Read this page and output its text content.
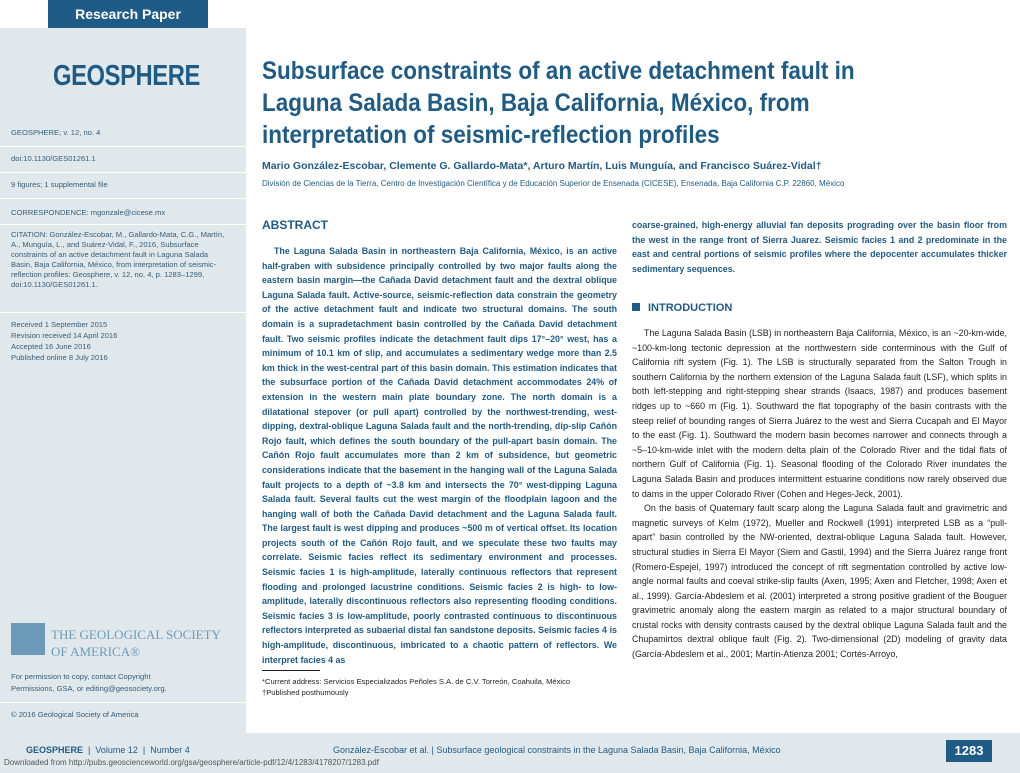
Research Paper
GEOSPHERE
GEOSPHERE; v. 12, no. 4
doi:10.1130/GES01261.1
9 figures; 1 supplemental file
CORRESPONDENCE: mgonzale@cicese.mx
CITATION: González-Escobar, M., Gallardo-Mata, C.G., Martín, A., Munguía, L., and Suárez-Vidal, F., 2016, Subsurface constraints of an active detachment fault in Laguna Salada Basin, Baja California, México, from interpretation of seismic-reflection profiles: Geosphere, v. 12, no. 4, p. 1283–1299, doi:10.1130/GES01261.1.
Received 1 September 2015
Revision received 14 April 2016
Accepted 16 June 2016
Published online 8 July 2016
THE GEOLOGICAL SOCIETY
OF AMERICA®
For permission to copy, contact Copyright
Permissions, GSA, or editing@geosociety.org.
© 2016 Geological Society of America
Subsurface constraints of an active detachment fault in Laguna Salada Basin, Baja California, México, from interpretation of seismic-reflection profiles
Mario González-Escobar, Clemente G. Gallardo-Mata*, Arturo Martín, Luis Munguía, and Francisco Suárez-Vidal†
División de Ciencias de la Tierra, Centro de Investigación Científica y de Educación Superior de Ensenada (CICESE), Ensenada, Baja California C.P. 22860, México
ABSTRACT

The Laguna Salada Basin in northeastern Baja California, México, is an active half-graben with subsidence principally controlled by two major faults along the eastern basin margin—the Cañada David detachment fault and the dextral oblique Laguna Salada fault. Active-source, seismic-reflection data constrain the geometry of the active detachment fault and indicate two structural domains. The south domain is a supradetachment basin controlled by the Cañada David detachment fault. Two seismic profiles indicate the detachment fault dips 17°–20° west, has a minimum of 10.1 km of slip, and accumulates a sedimentary wedge more than 2.5 km thick in the west-central part of this basin domain. This estimation indicates that the subsurface portion of the Cañada David detachment accommodates 24% of extension in the western main plate boundary zone. The north domain is a dilatational stepover (or pull apart) controlled by the northwest-trending, west-dipping, dextral-oblique Laguna Salada fault and the north-trending, dip-slip Cañón Rojo fault, which defines the south boundary of the pull-apart basin domain. The Cañón Rojo fault accumulates more than 2 km of subsidence, but geometric considerations indicate that the basement in the hanging wall of the Laguna Salada fault projects to a depth of ~3.8 km and intersects the 70° west-dipping Laguna Salada fault. Several faults cut the west margin of the floodplain lagoon and the hanging wall of both the Cañada David detachment and the Laguna Salada fault. The largest fault is west dipping and produces ~500 m of vertical offset. Its location projects south of the Cañón Rojo fault, and we speculate these two faults may correlate. Seismic facies reflect its sedimentary environment and processes. Seismic facies 1 is high-amplitude, laterally continuous reflectors that represent flooding and prolonged lacustrine conditions. Seismic facies 2 is high- to low-amplitude, laterally discontinuous reflectors also representing flooding conditions. Seismic facies 3 is low-amplitude, poorly contrasted continuous to discontinuous reflectors interpreted as subaerial distal fan sandstone deposits. Seismic facies 4 is high-amplitude, discontinuous, imbricated to a chaotic pattern of reflectors. We interpret facies 4 as

coarse-grained, high-energy alluvial fan deposits prograding over the basin floor from the west in the range front of Sierra Juarez. Seismic facies 1 and 2 predominate in the east and central portions of seismic profiles where the depocenter accumulates thicker sedimentary sequences.

INTRODUCTION

The Laguna Salada Basin (LSB) in northeastern Baja California, México, is an ~20-km-wide, ~100-km-long tectonic depression at the northwestern side conterminous with the Gulf of California rift system (Fig. 1). The LSB is structurally separated from the Salton Trough in southern California by the northern extension of the Laguna Salada fault (LSF), which splits in both left-stepping and right-stepping shear strands (Isaacs, 1987) and produces basement ridges up to ~660 m (Fig. 1). Southward the flat topography of the basin contrasts with the steep relief of bounding ranges of Sierra Juárez to the west and Sierra Cucapah and El Mayor to the east (Fig. 1). Southward the modern basin becomes narrower and connects through a ~5–10-km-wide inlet with the modern delta plain of the Colorado River and the tidal flats of northern Gulf of California (Fig. 1). Seasonal flooding of the Colorado River inundates the Laguna Salada Basin and produces intermittent estuarine conditions now rarely observed due to dams in the upper Colorado River (Cohen and Heges-Jeck, 2001).

On the basis of Quaternary fault scarp along the Laguna Salada fault and gravimetric and magnetic surveys of Kelm (1972), Mueller and Rockwell (1991) interpreted LSB as a “pull-apart” basin controlled by the NW-oriented, dextral-oblique Laguna Salada fault. However, structural studies in Sierra El Mayor (Siem and Gastil, 1994) and the Sierra Juárez range front (Romero-Espejel, 1997) introduced the concept of rift segmentation controlled by active low-angle normal faults and coeval strike-slip faults (Axen, 1995; Axen and Fletcher, 1998; Axen et al., 1999). García-Abdeslem et al. (2001) interpreted a strong positive gradient of the Bouguer gravimetric anomaly along the eastern margin as related to a major structural boundary of crustal rocks with density contrasts caused by the dextral oblique Laguna Salada fault and the Chupamirtos dextral oblique fault (Fig. 2). Two-dimensional (2D) modeling of gravity data (García-Abdeslem et al., 2001; Martín-Atienza 2001; Cortés-Arroyo,

*Current address: Servicios Especializados Peñoles S.A. de C.V. Torreón, Coahuila, México
†Published posthumously
GEOSPHERE  |  Volume 12  |  Number 4	González-Escobar et al. | Subsurface geological constraints in the Laguna Salada Basin, Baja California, México	1283
Downloaded from http://pubs.geoscienceworld.org/gsa/geosphere/article-pdf/12/4/1283/4178207/1283.pdf
